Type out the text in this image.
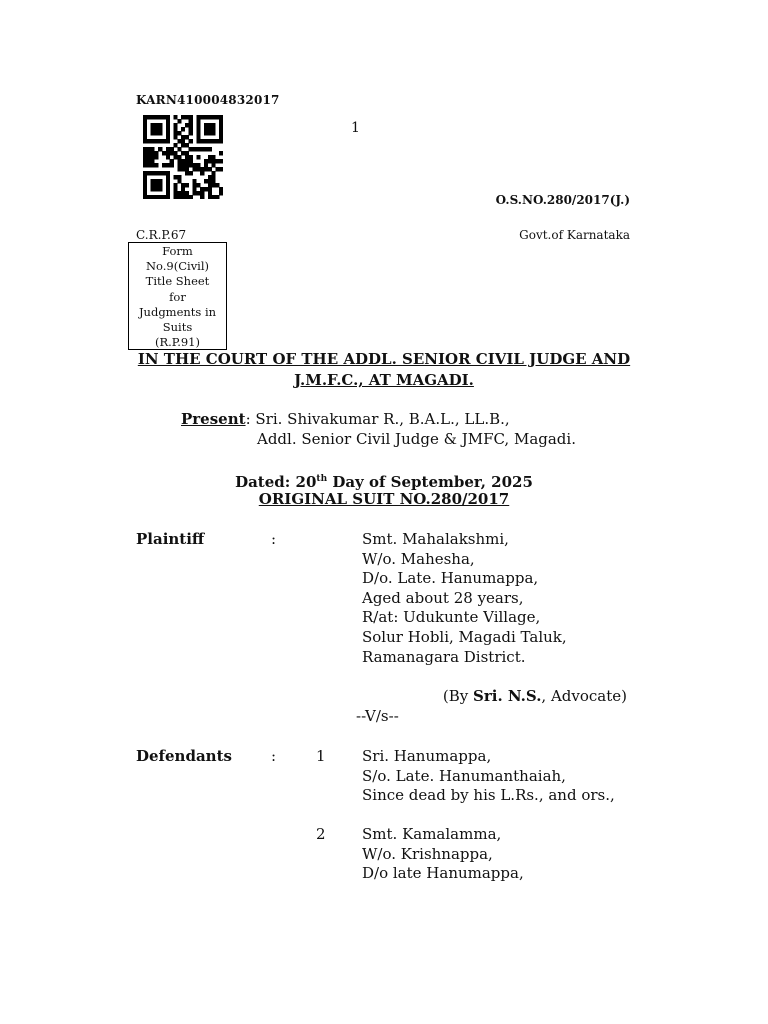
KARN410004832017
1
O.S.NO.280/2017(J.)
C.R.P.67	Govt.of Karnataka
Form
No.9(Civil)
Title Sheet
for
Judgments in
Suits
(R.P.91)
IN THE COURT OF THE ADDL. SENIOR CIVIL JUDGE AND
J.M.F.C., AT MAGADI.
Present: Sri. Shivakumar R., B.A.L., LL.B.,
Addl. Senior Civil Judge & JMFC, Magadi.
Dated: 20th Day of September, 2025
ORIGINAL SUIT NO.280/2017
Plaintiff	:	Smt. Mahalakshmi,
W/o. Mahesha,
D/o. Late. Hanumappa,
Aged about 28 years,
R/at: Udukunte Village,
Solur Hobli, Magadi Taluk,
Ramanagara District.
(By Sri. N.S., Advocate)
--V/s--
Defendants	:	1 Sri. Hanumappa,
S/o. Late. Hanumanthaiah,
Since dead by his L.Rs., and ors.,
2 Smt. Kamalamma,
W/o. Krishnappa,
D/o late Hanumappa,
